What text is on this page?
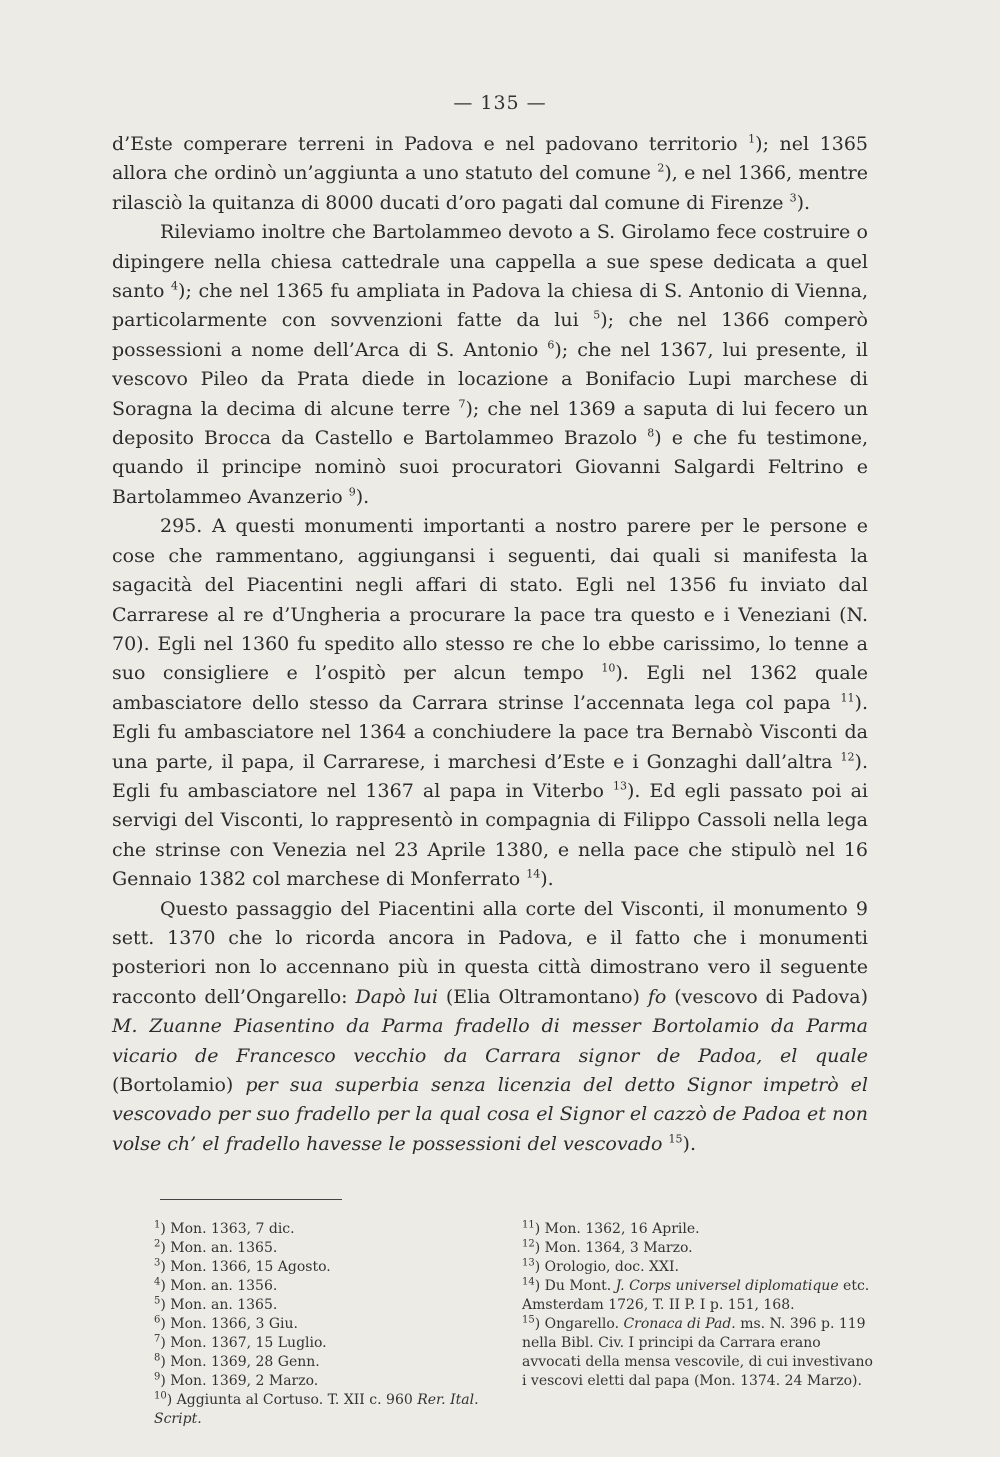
— 135 —

d’Este comperare terreni in Padova e nel padovano territorio $^1$); nel 1365 allora che ordinò un’aggiunta a uno statuto del comune $^2$), e nel 1366, mentre rilasciò la quitanza di 8000 ducati d’oro pagati dal comune di Firenze $^3$).

Rileviamo inoltre che Bartolammeo devoto a S. Girolamo fece costruire o dipingere nella chiesa cattedrale una cappella a sue spese dedicata a quel santo $^4$); che nel 1365 fu ampliata in Padova la chiesa di S. Antonio di Vienna, particolarmente con sovvenzioni fatte da lui $^5$); che nel 1366 comperò possessioni a nome dell’Arca di S. Antonio $^6$); che nel 1367, lui presente, il vescovo Pileo da Prata diede in locazione a Bonifacio Lupi marchese di Soragna la decima di alcune terre $^7$); che nel 1369 a saputa di lui fecero un deposito Brocca da Castello e Bartolammeo Brazolo $^8$) e che fu testimone, quando il principe nominò suoi procuratori Giovanni Salgardi Feltrino e Bartolammeo Avanzerio $^9$).

295. A questi monumenti importanti a nostro parere per le persone e cose che rammentano, aggiungansi i seguenti, dai quali si manifesta la sagacità del Piacentini negli affari di stato. Egli nel 1356 fu inviato dal Carrarese al re d’Ungheria a procurare la pace tra questo e i Veneziani (N. 70). Egli nel 1360 fu spedito allo stesso re che lo ebbe carissimo, lo tenne a suo consigliere e l’ospitò per alcun tempo $^{10}$). Egli nel 1362 quale ambasciatore dello stesso da Carrara strinse l’accennata lega col papa $^{11}$). Egli fu ambasciatore nel 1364 a conchiudere la pace tra Bernabò Visconti da una parte, il papa, il Carrarese, i marchesi d’Este e i Gonzaghi dall’altra $^{12}$). Egli fu ambasciatore nel 1367 al papa in Viterbo $^{13}$). Ed egli passato poi ai servigi del Visconti, lo rappresentò in compagnia di Filippo Cassoli nella lega che strinse con Venezia nel 23 Aprile 1380, e nella pace che stipulò nel 16 Gennaio 1382 col marchese di Monferrato $^{14}$).

Questo passaggio del Piacentini alla corte del Visconti, il monumento 9 sett. 1370 che lo ricorda ancora in Padova, e il fatto che i monumenti posteriori non lo accennano più in questa città dimostrano vero il seguente racconto dell’Ongarello: Dapò lui (Elia Oltramontano) fo (vescovo di Padova) M. Zuanne Piasentino da Parma fradello di messer Bortolamio da Parma vicario de Francesco vecchio da Carrara signor de Padoa, el quale (Bortolamio) per sua superbia senza licenzia del detto Signor impetrò el vescovado per suo fradello per la qual cosa el Signor el cazzò de Padoa et non volse ch’ el fradello havesse le possessioni del vescovado $^{15}$).

$^1$) Mon. 1363, 7 dic.
$^2$) Mon. an. 1365.
$^3$) Mon. 1366, 15 Agosto.
$^4$) Mon. an. 1356.
$^5$) Mon. an. 1365.
$^6$) Mon. 1366, 3 Giu.
$^7$) Mon. 1367, 15 Luglio.
$^8$) Mon. 1369, 28 Genn.
$^9$) Mon. 1369, 2 Marzo.
$^{10}$) Aggiunta al Cortuso. T. XII c. 960 Rer. Ital. Script.
$^{11}$) Mon. 1362, 16 Aprile.
$^{12}$) Mon. 1364, 3 Marzo.
$^{13}$) Orologio, doc. XXI.
$^{14}$) Du Mont. J. Corps universel diplomatique etc. Amsterdam 1726, T. II P. I p. 151, 168.
$^{15}$) Ongarello. Cronaca di Pad. ms. N. 396 p. 119 nella Bibl. Civ. I principi da Carrara erano avvocati della mensa vescovile, di cui investivano i vescovi eletti dal papa (Mon. 1374. 24 Marzo).
